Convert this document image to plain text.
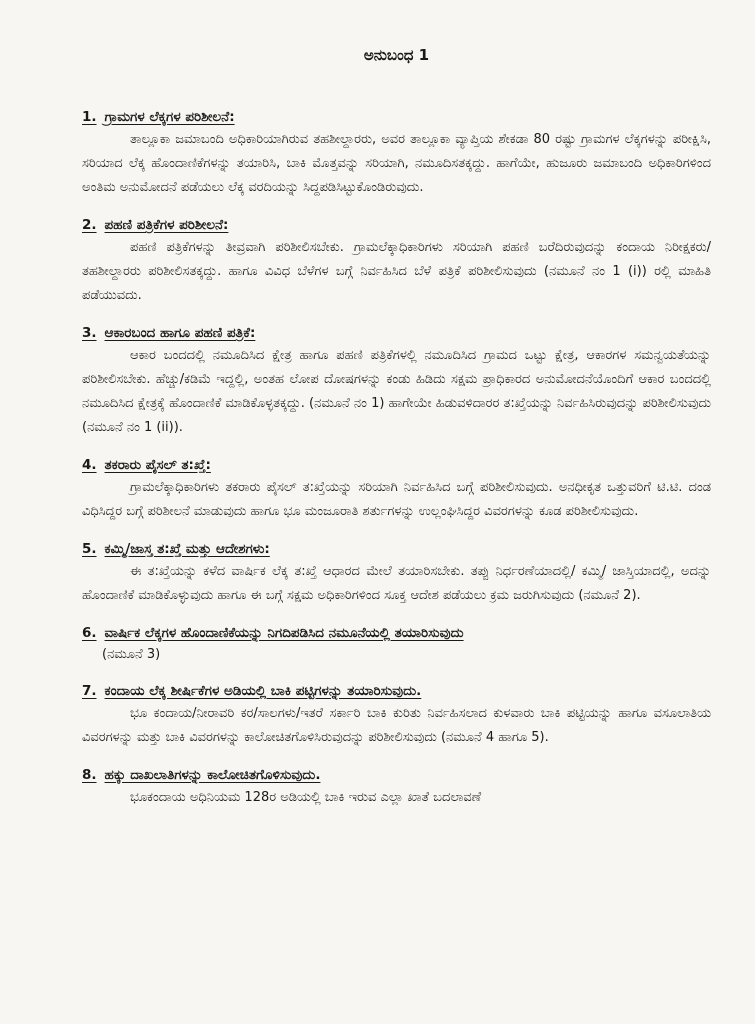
ಅನುಬಂಧ 1
1. ಗ್ರಾಮಗಳ ಲೆಕ್ಕಗಳ ಪರಿಶೀಲನೆ:
ತಾಲ್ಲೂಕಾ ಜಮಾಬಂದಿ ಅಧಿಕಾರಿಯಾಗಿರುವ ತಹಶೀಲ್ದಾರರು, ಅವರ ತಾಲ್ಲೂಕಾ ವ್ಯಾಪ್ತಿಯ ಶೇಕಡಾ 80 ರಷ್ಟು ಗ್ರಾಮಗಳ ಲೆಕ್ಕಗಳನ್ನು ಪರೀಕ್ಷಿಸಿ, ಸರಿಯಾದ ಲೆಕ್ಕ ಹೊಂದಾಣಿಕೆಗಳನ್ನು ತಯಾರಿಸಿ, ಬಾಕಿ ಮೊತ್ತವನ್ನು ಸರಿಯಾಗಿ, ನಮೂದಿಸತಕ್ಕದ್ದು. ಹಾಗೆಯೇ, ಹುಜೂರು ಜಮಾಬಂದಿ ಅಧಿಕಾರಿಗಳಿಂದ ಅಂತಿಮ ಅನುಮೋದನೆ ಪಡೆಯಲು ಲೆಕ್ಕ ವರದಿಯನ್ನು ಸಿದ್ದಪಡಿಸಿಟ್ಟುಕೊಂಡಿರುವುದು.
2. ಪಹಣಿ ಪತ್ರಿಕೆಗಳ ಪರಿಶೀಲನೆ:
ಪಹಣಿ ಪತ್ರಿಕೆಗಳನ್ನು ತೀವ್ರವಾಗಿ ಪರಿಶೀಲಿಸಬೇಕು. ಗ್ರಾಮಲೆಕ್ಕಾಧಿಕಾರಿಗಳು ಸರಿಯಾಗಿ ಪಹಣಿ ಬರೆದಿರುವುದನ್ನು ಕಂದಾಯ ನಿರೀಕ್ಷಕರು/ತಹಶೀಲ್ದಾರರು ಪರಿಶೀಲಿಸತಕ್ಕದ್ದು. ಹಾಗೂ ವಿವಿಧ ಬೆಳೆಗಳ ಬಗ್ಗೆ ನಿರ್ವಹಿಸಿದ ಬೆಳೆ ಪತ್ರಿಕೆ ಪರಿಶೀಲಿಸುವುದು (ನಮೂನೆ ನಂ 1 (i)) ರಲ್ಲಿ ಮಾಹಿತಿ ಪಡೆಯುವದು.
3. ಆಕಾರಬಂದ ಹಾಗೂ ಪಹಣಿ ಪತ್ರಿಕೆ:
ಆಕಾರ ಬಂದದಲ್ಲಿ ನಮೂದಿಸಿದ ಕ್ಷೇತ್ರ ಹಾಗೂ ಪಹಣಿ ಪತ್ರಿಕೆಗಳಲ್ಲಿ ನಮೂದಿಸಿದ ಗ್ರಾಮದ ಒಟ್ಟು ಕ್ಷೇತ್ರ, ಆಕಾರಗಳ ಸಮನ್ವಯತೆಯನ್ನು ಪರಿಶೀಲಿಸಬೇಕು. ಹೆಚ್ಚು/ಕಡಿಮೆ ಇದ್ದಲ್ಲಿ, ಅಂತಹ ಲೋಪ ದೋಷಗಳನ್ನು ಕಂಡು ಹಿಡಿದು ಸಕ್ಷಮ ಪ್ರಾಧಿಕಾರದ ಅನುಮೋದನೆಯೊಂದಿಗೆ ಆಕಾರ ಬಂದದಲ್ಲಿ ನಮೂದಿಸಿದ ಕ್ಷೇತ್ರಕ್ಕೆ ಹೊಂದಾಣಿಕೆ ಮಾಡಿಕೊಳ್ಳತಕ್ಕದ್ದು. (ನಮೂನೆ ನಂ 1) ಹಾಗೇಯೇ ಹಿಡುವಳಿದಾರರ ತ:ಖ್ತೆಯನ್ನು ನಿರ್ವಹಿಸಿರುವುದನ್ನು ಪರಿಶೀಲಿಸುವುದು (ನಮೂನೆ ನಂ 1 (ii)).
4. ತಕರಾರು ಪೈಸಲ್ ತ:ಖ್ತೆ:
ಗ್ರಾಮಲೆಕ್ಕಾಧಿಕಾರಿಗಳು ತಕರಾರು ಪೈಸಲ್ ತ:ಖ್ತೆಯನ್ನು ಸರಿಯಾಗಿ ನಿರ್ವಹಿಸಿದ ಬಗ್ಗೆ ಪರಿಶೀಲಿಸುವುದು. ಅನಧೀಕೃತ ಒತ್ತುವರಿಗೆ ಟಿ.ಟಿ. ದಂಡ ವಿಧಿಸಿದ್ದರ ಬಗ್ಗೆ ಪರಿಶೀಲನೆ ಮಾಡುವುದು ಹಾಗೂ ಭೂ ಮಂಜೂರಾತಿ ಶರ್ತುಗಳನ್ನು ಉಲ್ಲಂಘಿಸಿದ್ದರ ವಿವರಗಳನ್ನು ಕೂಡ ಪರಿಶೀಲಿಸುವುದು.
5. ಕಮ್ಮಿ/ಜಾಸ್ತ ತ:ಖ್ತೆ ಮತ್ತು ಆದೇಶಗಳು:
ಈ ತ:ಖ್ತೆಯನ್ನು ಕಳೆದ ವಾರ್ಷಿಕ ಲೆಕ್ಕ ತ:ಖ್ತೆ ಆಧಾರದ ಮೇಲೆ ತಯಾರಿಸಬೇಕು. ತಪ್ಪು ನಿರ್ಧರಣೆಯಾದಲ್ಲಿ/ ಕಮ್ಮಿ/ ಜಾಸ್ತಿಯಾದಲ್ಲಿ, ಅದನ್ನು ಹೊಂದಾಣಿಕೆ ಮಾಡಿಕೊಳ್ಳುವುದು ಹಾಗೂ ಈ ಬಗ್ಗೆ ಸಕ್ಷಮ ಅಧಿಕಾರಿಗಳಿಂದ ಸೂಕ್ತ ಆದೇಶ ಪಡೆಯಲು ಕ್ರಮ ಜರುಗಿಸುವುದು (ನಮೂನೆ 2).
6. ವಾರ್ಷಿಕ ಲೆಕ್ಕಗಳ ಹೊಂದಾಣಿಕೆಯನ್ನು ನಿಗದಿಪಡಿಸಿದ ನಮೂನೆಯಲ್ಲಿ ತಯಾರಿಸುವುದು
(ನಮೂನೆ 3)
7. ಕಂದಾಯ ಲೆಕ್ಕ ಶೀರ್ಷಿಕೆಗಳ ಅಡಿಯಲ್ಲಿ ಬಾಕಿ ಪಟ್ಟಿಗಳನ್ನು ತಯಾರಿಸುವುದು.
ಭೂ ಕಂದಾಯ/ನೀರಾವರಿ ಕರ/ಸಾಲಗಳು/ಇತರೆ ಸರ್ಕಾರಿ ಬಾಕಿ ಕುರಿತು ನಿರ್ವಹಿಸಲಾದ ಕುಳವಾರು ಬಾಕಿ ಪಟ್ಟಿಯನ್ನು ಹಾಗೂ ವಸೂಲಾತಿಯ ವಿವರಗಳನ್ನು ಮತ್ತು ಬಾಕಿ ವಿವರಗಳನ್ನು ಕಾಲೋಚಿತಗೊಳಿಸಿರುವುದನ್ನು ಪರಿಶೀಲಿಸುವುದು (ನಮೂನೆ 4 ಹಾಗೂ 5).
8. ಹಕ್ಕು ದಾಖಲಾತಿಗಳನ್ನು ಕಾಲೋಚಿತಗೊಳಿಸುವುದು.
ಭೂಕಂದಾಯ ಅಧಿನಿಯಮ 128ರ ಅಡಿಯಲ್ಲಿ ಬಾಕಿ ಇರುವ ಎಲ್ಲಾ ಖಾತೆ ಬದಲಾವಣೆ
